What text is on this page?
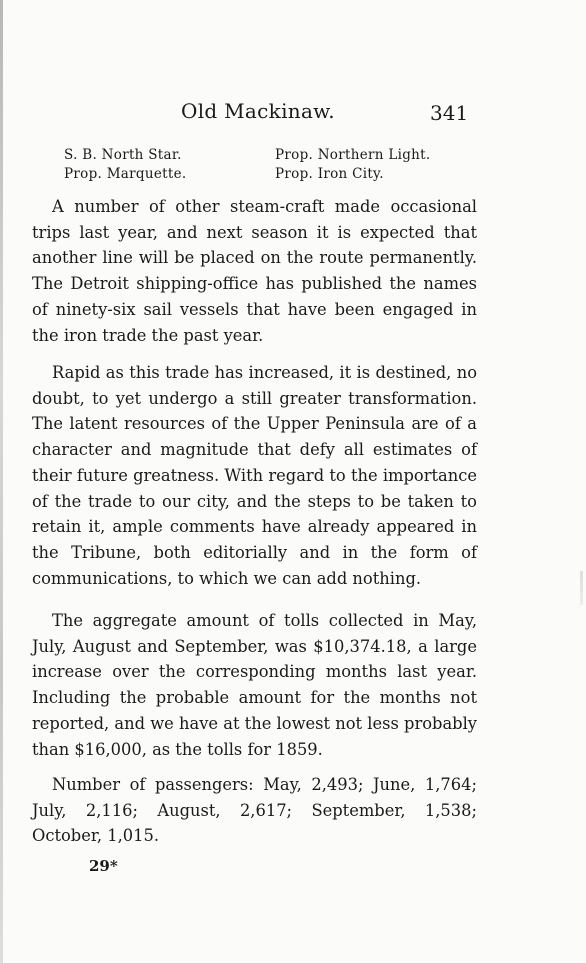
Old Mackinaw.	341
S. B. North Star.
Prop. Marquette.
Prop. Northern Light.
Prop. Iron City.

A number of other steam-craft made occasional trips last year, and next season it is expected that another line will be placed on the route permanently. The Detroit shipping-office has published the names of ninety-six sail vessels that have been engaged in the iron trade the past year.

Rapid as this trade has increased, it is destined, no doubt, to yet undergo a still greater transformation. The latent resources of the Upper Peninsula are of a character and magnitude that defy all estimates of their future greatness. With regard to the importance of the trade to our city, and the steps to be taken to retain it, ample comments have already appeared in the Tribune, both editorially and in the form of communications, to which we can add nothing.

The aggregate amount of tolls collected in May, July, August and September, was $10,374.18, a large increase over the corresponding months last year. Including the probable amount for the months not reported, and we have at the lowest not less probably than $16,000, as the tolls for 1859.

Number of passengers: May, 2,493; June, 1,764; July, 2,116; August, 2,617; September, 1,538; October, 1,015.

29*
